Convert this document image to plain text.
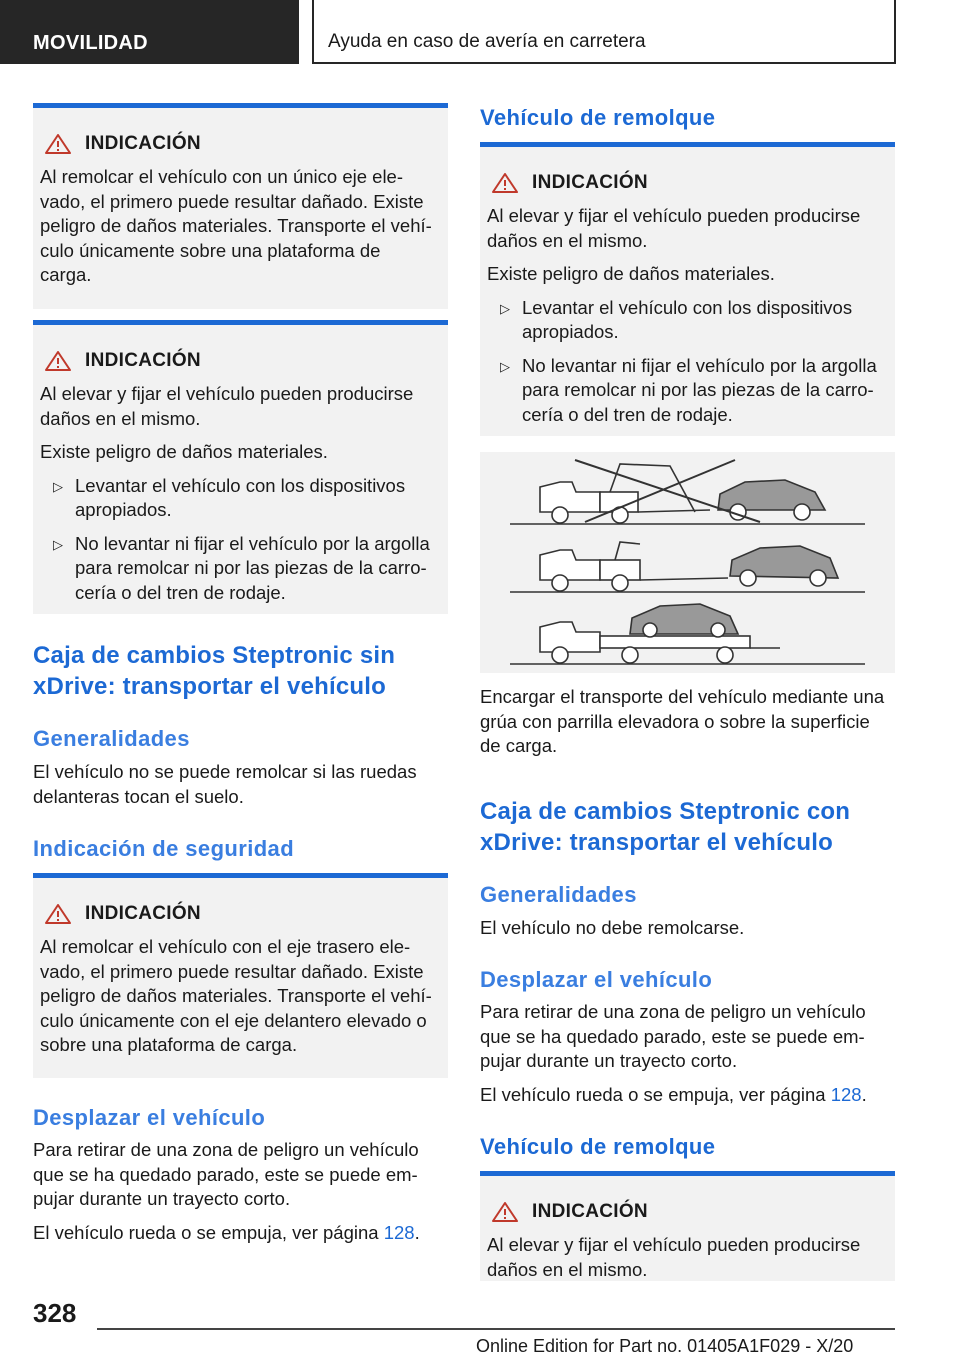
MOVILIDAD	Ayuda en caso de avería en carretera
INDICACIÓN
Al remolcar el vehículo con un único eje ele-
vado, el primero puede resultar dañado. Existe
peligro de daños materiales. Transporte el vehí-
culo únicamente sobre una plataforma de
carga.
INDICACIÓN
Al elevar y fijar el vehículo pueden producirse
daños en el mismo.
Existe peligro de daños materiales.
▷ Levantar el vehículo con los dispositivos
apropiados.
▷ No levantar ni fijar el vehículo por la argolla
para remolcar ni por las piezas de la carro-
cería o del tren de rodaje.
Caja de cambios Steptronic sin
xDrive: transportar el vehículo
Generalidades
El vehículo no se puede remolcar si las ruedas
delanteras tocan el suelo.
Indicación de seguridad
INDICACIÓN
Al remolcar el vehículo con el eje trasero ele-
vado, el primero puede resultar dañado. Existe
peligro de daños materiales. Transporte el vehí-
culo únicamente con el eje delantero elevado o
sobre una plataforma de carga.
Desplazar el vehículo
Para retirar de una zona de peligro un vehículo
que se ha quedado parado, este se puede em-
pujar durante un trayecto corto.
El vehículo rueda o se empuja, ver página 128.
Vehículo de remolque
INDICACIÓN
Al elevar y fijar el vehículo pueden producirse
daños en el mismo.
Existe peligro de daños materiales.
▷ Levantar el vehículo con los dispositivos
apropiados.
▷ No levantar ni fijar el vehículo por la argolla
para remolcar ni por las piezas de la carro-
cería o del tren de rodaje.
Encargar el transporte del vehículo mediante una
grúa con parrilla elevadora o sobre la superficie
de carga.
Caja de cambios Steptronic con
xDrive: transportar el vehículo
Generalidades
El vehículo no debe remolcarse.
Desplazar el vehículo
Para retirar de una zona de peligro un vehículo
que se ha quedado parado, este se puede em-
pujar durante un trayecto corto.
El vehículo rueda o se empuja, ver página 128.
Vehículo de remolque
INDICACIÓN
Al elevar y fijar el vehículo pueden producirse
daños en el mismo.
328
Online Edition for Part no. 01405A1F029 - X/20
